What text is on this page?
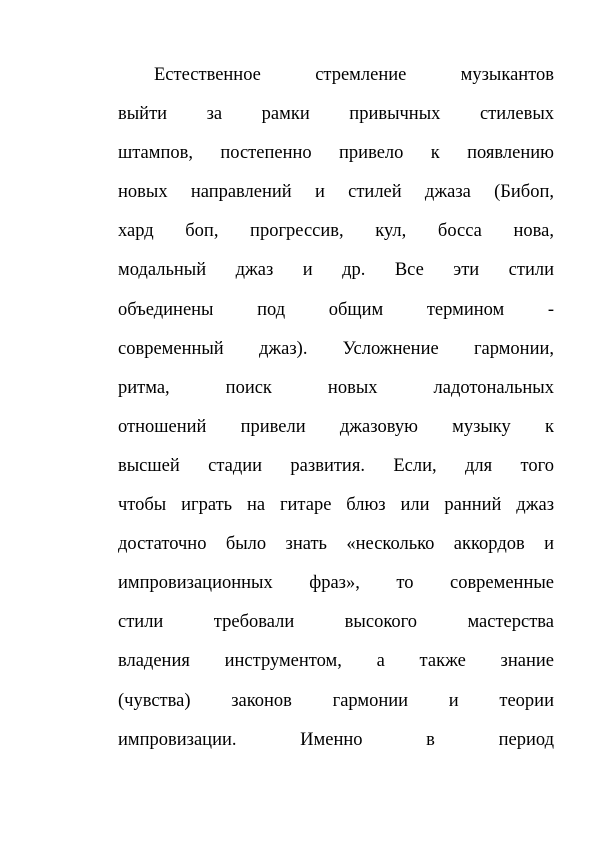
Естественное стремление музыкантов
выйти за рамки привычных стилевых
штампов, постепенно привело к появлению
новых направлений и стилей джаза (Бибоп,
хард боп, прогрессив, кул, босса нова,
модальный джаз и др. Все эти стили
объединены под общим термином -
современный джаз). Усложнение гармонии,
ритма, поиск новых ладотональных
отношений привели джазовую музыку к
высшей стадии развития. Если, для того
чтобы играть на гитаре блюз или ранний джаз
достаточно было знать «несколько аккордов и
импровизационных фраз», то современные
стили требовали высокого мастерства
владения инструментом, а также знание
(чувства) законов гармонии и теории
импровизации. Именно в период
